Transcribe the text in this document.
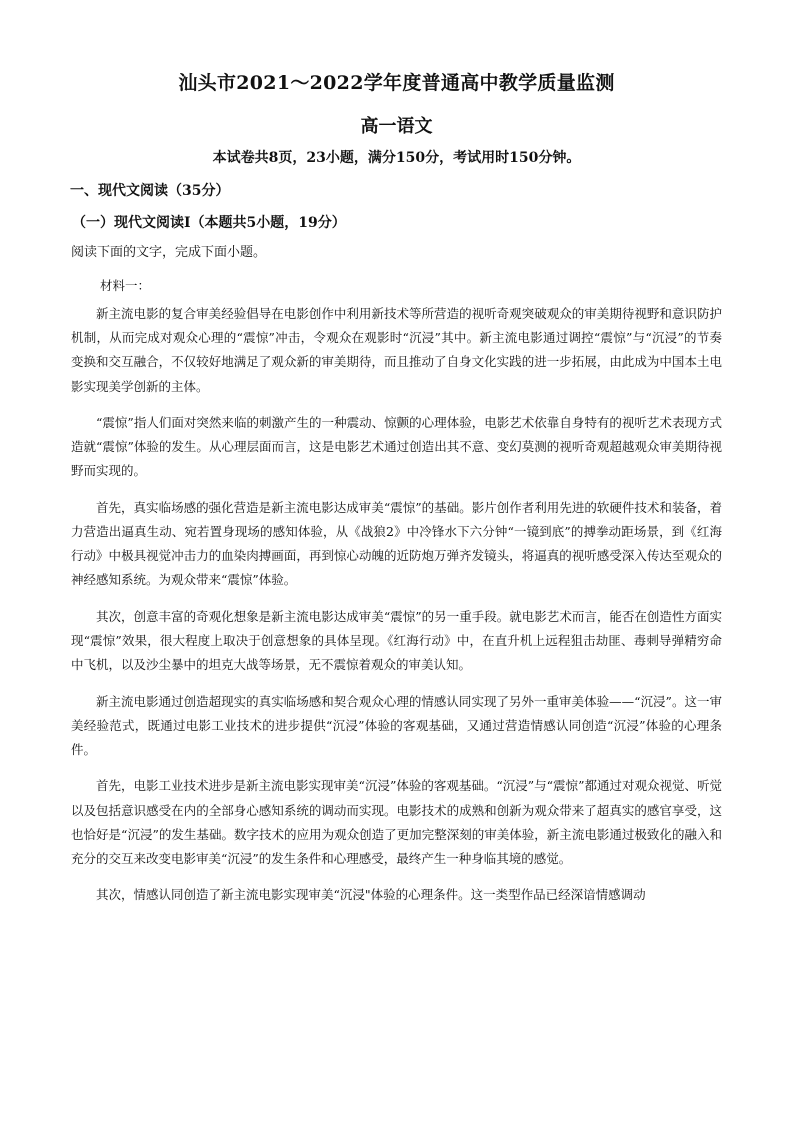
汕头市2021～2022学年度普通高中教学质量监测
高一语文
本试卷共8页，23小题，满分150分，考试用时150分钟。
一、现代文阅读（35分）
（一）现代文阅读Ⅰ（本题共5小题，19分）
阅读下面的文字，完成下面小题。
材料一：

新主流电影的复合审美经验倡导在电影创作中利用新技术等所营造的视听奇观突破观众的审美期待视野和意识防护机制，从而完成对观众心理的“震惊”冲击，令观众在观影时“沉浸”其中。新主流电影通过调控“震惊”与“沉浸”的节奏变换和交互融合，不仅较好地满足了观众新的审美期待，而且推动了自身文化实践的进一步拓展，由此成为中国本土电影实现美学创新的主体。

“震惊”指人们面对突然来临的刺激产生的一种震动、惊颤的心理体验，电影艺术依靠自身特有的视听艺术表现方式造就“震惊”体验的发生。从心理层面而言，这是电影艺术通过创造出其不意、变幻莫测的视听奇观超越观众审美期待视野而实现的。

首先，真实临场感的强化营造是新主流电影达成审美“震惊”的基础。影片创作者利用先进的软硬件技术和装备，着力营造出逼真生动、宛若置身现场的感知体验，从《战狼2》中冷锋水下六分钟“一镜到底”的搏拳动距场景，到《红海行动》中极具视觉冲击力的血染肉搏画面，再到惊心动魄的近防炮万弹齐发镜头，将逼真的视听感受深入传达至观众的神经感知系统。为观众带来“震惊”体验。

其次，创意丰富的奇观化想象是新主流电影达成审美“震惊”的另一重手段。就电影艺术而言，能否在创造性方面实现“震惊”效果，很大程度上取决于创意想象的具体呈现。《红海行动》中，在直升机上远程狙击劫匪、毒刺导弹精穷命中飞机，以及沙尘暴中的坦克大战等场景，无不震惊着观众的审美认知。

新主流电影通过创造超现实的真实临场感和契合观众心理的情感认同实现了另外一重审美体验——“沉浸”。这一审美经验范式，既通过电影工业技术的进步提供“沉浸”体验的客观基础，又通过营造情感认同创造“沉浸”体验的心理条件。

首先，电影工业技术进步是新主流电影实现审美“沉浸”体验的客观基础。“沉浸”与“震惊”都通过对观众视觉、听觉以及包括意识感受在内的全部身心感知系统的调动而实现。电影技术的成熟和创新为观众带来了超真实的感官享受，这也恰好是“沉浸”的发生基础。数字技术的应用为观众创造了更加完整深刻的审美体验，新主流电影通过极致化的融入和充分的交互来改变电影审美“沉浸”的发生条件和心理感受，最终产生一种身临其境的感觉。

其次，情感认同创造了新主流电影实现审美“沉浸"体验的心理条件。这一类型作品已经深谙情感调动
